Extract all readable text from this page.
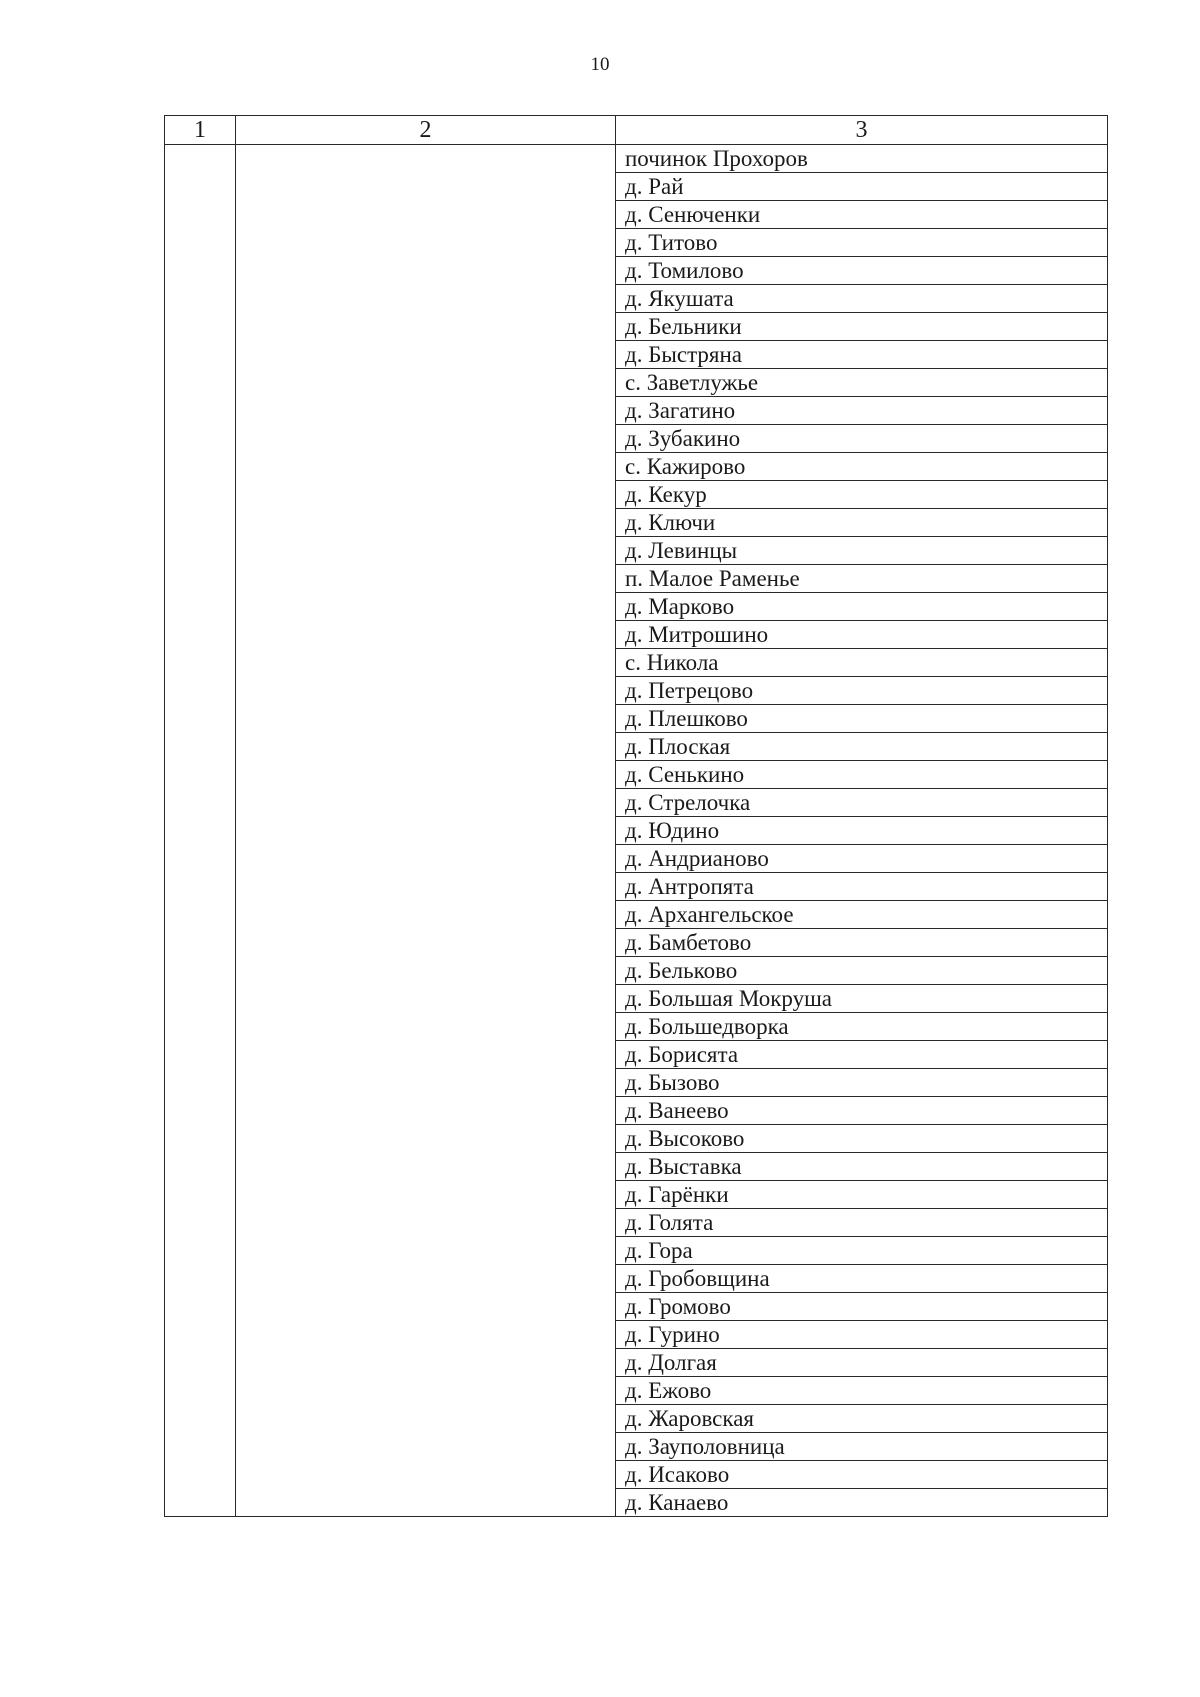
10
1	2	3
		починок Прохоров
		д. Рай
		д. Сенюченки
		д. Титово
		д. Томилово
		д. Якушата
		д. Бельники
		д. Быстряна
		с. Заветлужье
		д. Загатино
		д. Зубакино
		с. Кажирово
		д. Кекур
		д. Ключи
		д. Левинцы
		п. Малое Раменье
		д. Марково
		д. Митрошино
		с. Никола
		д. Петрецово
		д. Плешково
		д. Плоская
		д. Сенькино
		д. Стрелочка
		д. Юдино
		д. Андрианово
		д. Антропята
		д. Архангельское
		д. Бамбетово
		д. Бельково
		д. Большая Мокруша
		д. Большедворка
		д. Борисята
		д. Бызово
		д. Ванеево
		д. Высоково
		д. Выставка
		д. Гарёнки
		д. Голята
		д. Гора
		д. Гробовщина
		д. Громово
		д. Гурино
		д. Долгая
		д. Ежово
		д. Жаровская
		д. Зауполовница
		д. Исаково
		д. Канаево
